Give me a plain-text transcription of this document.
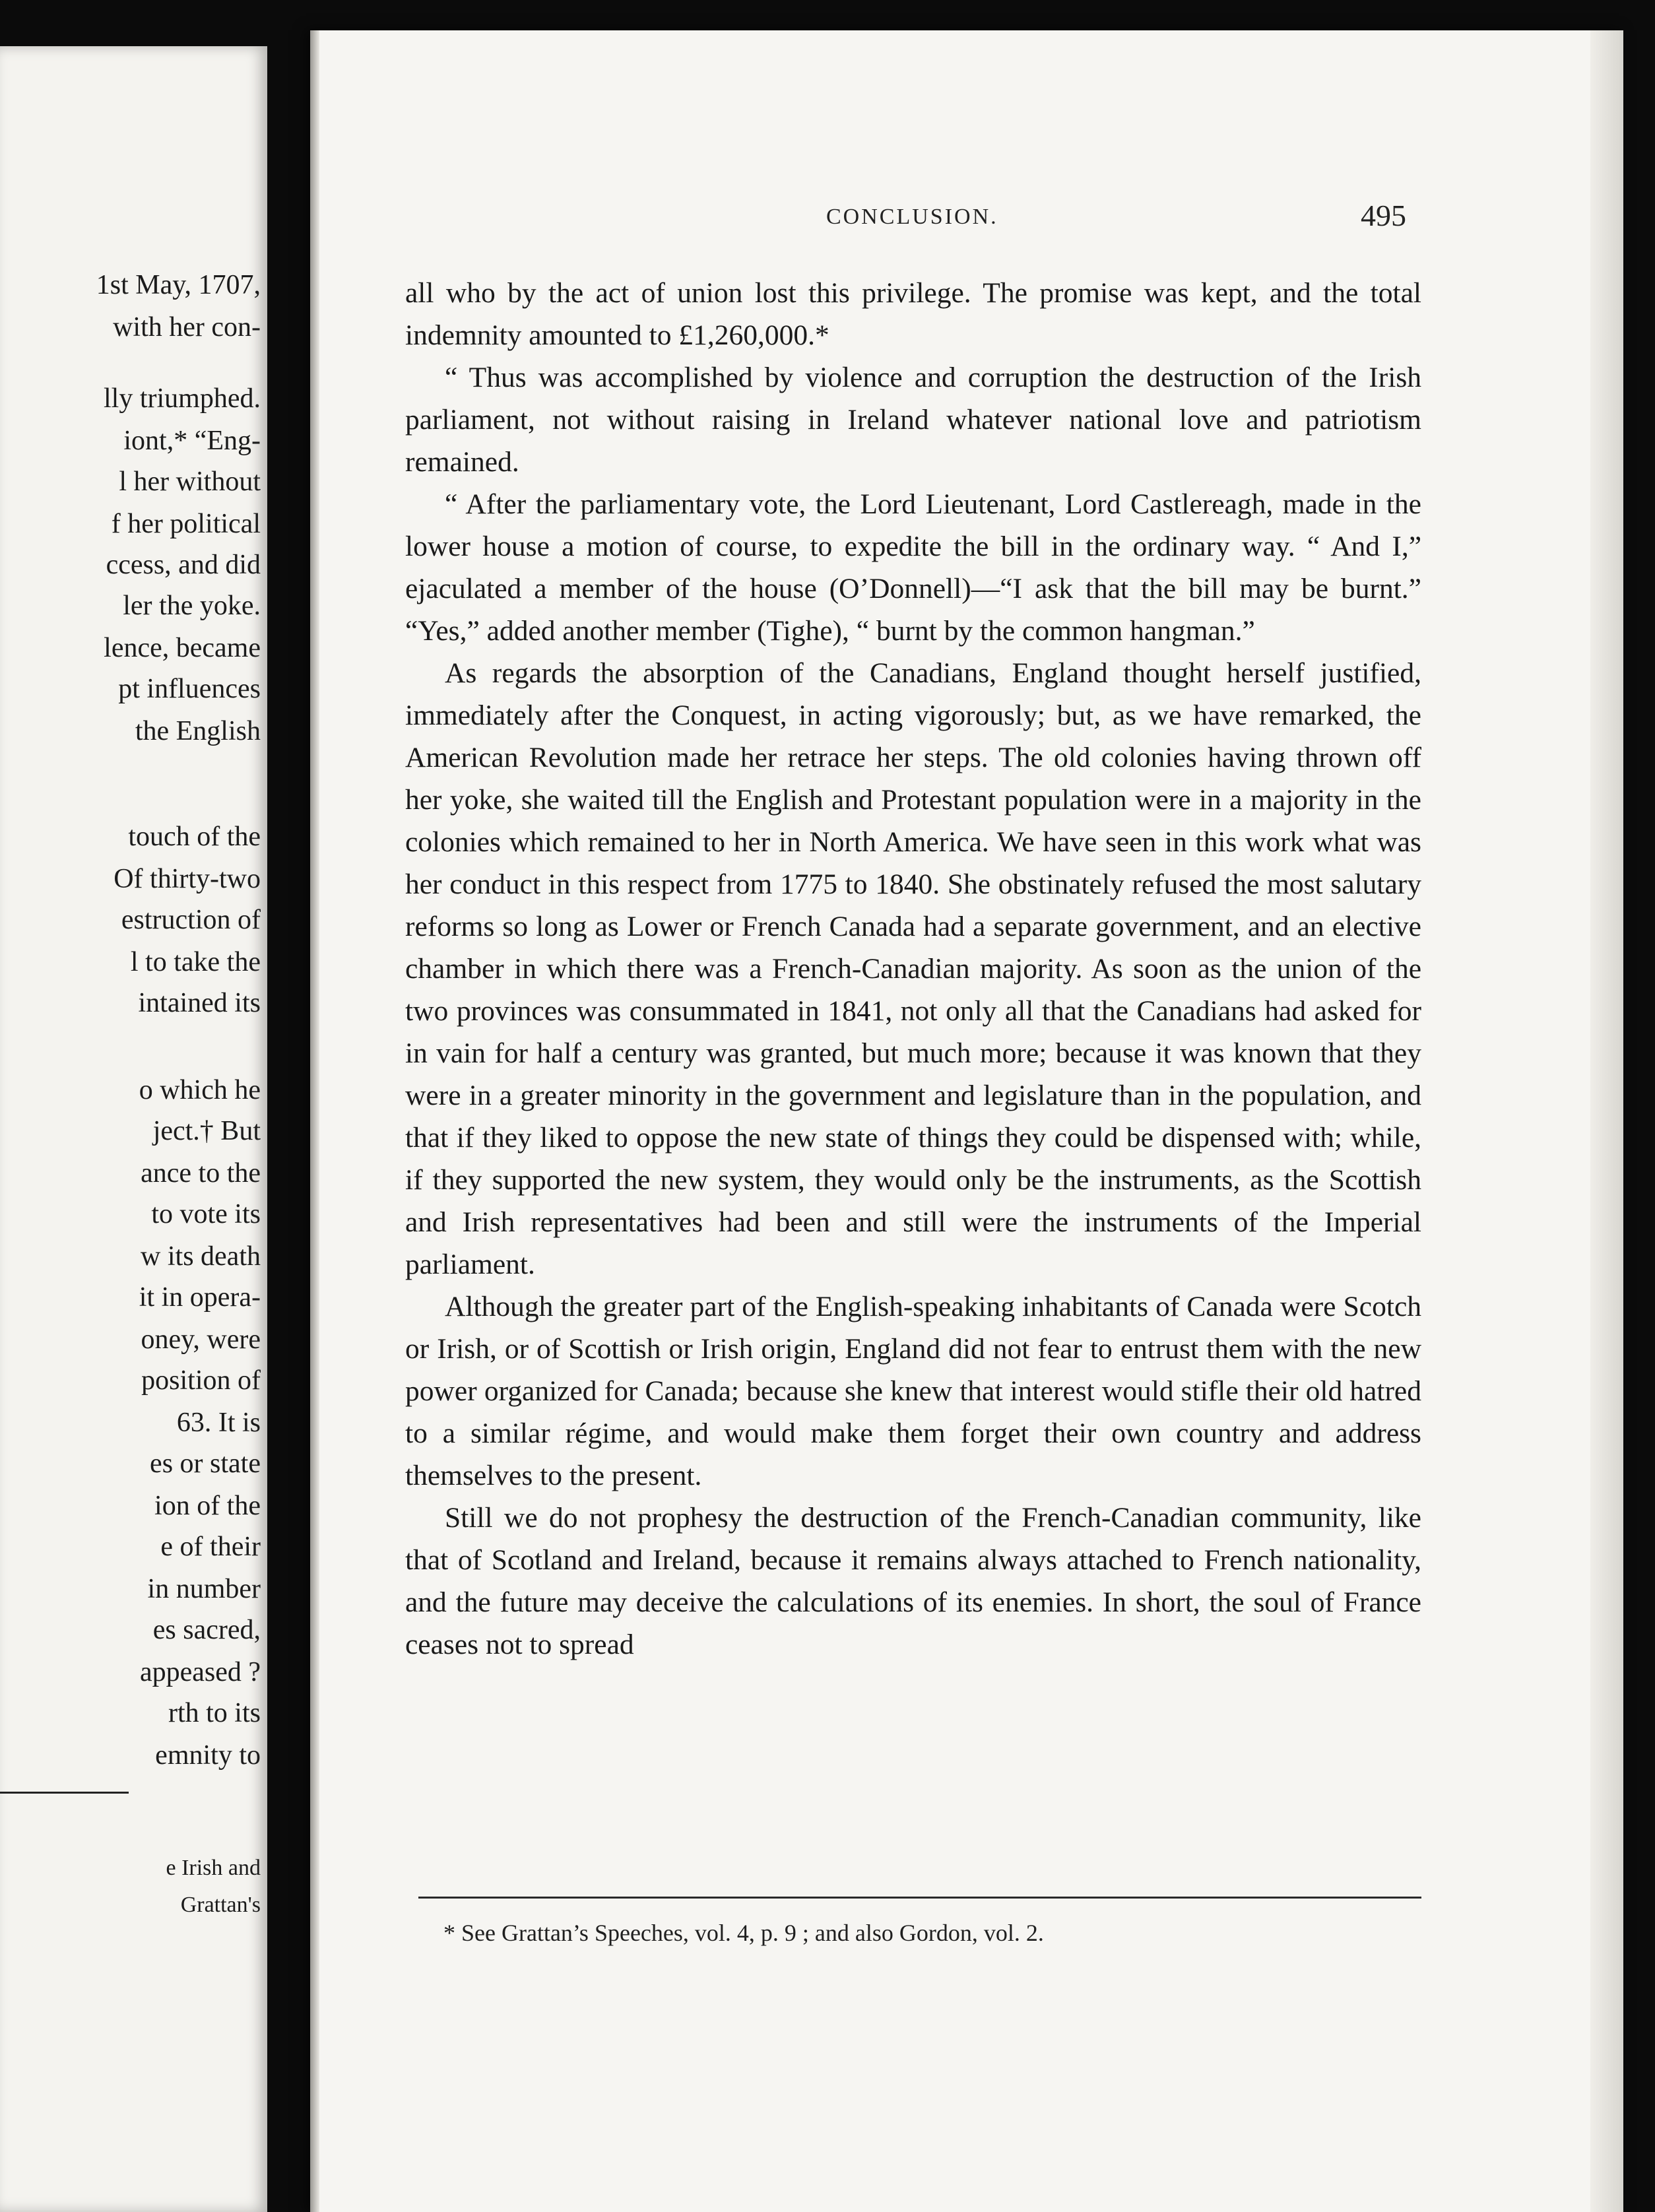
1st May, 1707,
with her con-
lly triumphed.
iont,* “Eng-
l her without
f her political
ccess, and did
ler the yoke.
lence, became
pt influences
the English
touch of the
Of thirty-two
estruction of
l to take the
intained its
o which he
ject.† But
ance to the
to vote its
w its death
it in opera-
oney, were
position of
63. It is
es or state
ion of the
e of their
in number
es sacred,
appeased ?
rth to its
emnity to
e Irish and
Grattan's
CONCLUSION.	495

all who by the act of union lost this privilege. The promise was kept, and the total indemnity amounted to £1,260,000.*

“ Thus was accomplished by violence and corruption the destruction of the Irish parliament, not without raising in Ireland whatever national love and patriotism remained.

“ After the parliamentary vote, the Lord Lieutenant, Lord Castlereagh, made in the lower house a motion of course, to expedite the bill in the ordinary way. “ And I,” ejaculated a member of the house (O’Donnell)—“I ask that the bill may be burnt.” “Yes,” added another member (Tighe), “ burnt by the common hangman.”

As regards the absorption of the Canadians, England thought herself justified, immediately after the Conquest, in acting vigorously; but, as we have remarked, the American Revolution made her retrace her steps. The old colonies having thrown off her yoke, she waited till the English and Protestant population were in a majority in the colonies which remained to her in North America. We have seen in this work what was her conduct in this respect from 1775 to 1840. She obstinately refused the most salutary reforms so long as Lower or French Canada had a separate government, and an elective chamber in which there was a French-Canadian majority. As soon as the union of the two provinces was consummated in 1841, not only all that the Canadians had asked for in vain for half a century was granted, but much more; because it was known that they were in a greater minority in the government and legislature than in the population, and that if they liked to oppose the new state of things they could be dispensed with; while, if they supported the new system, they would only be the instruments, as the Scottish and Irish representatives had been and still were the instruments of the Imperial parliament.

Although the greater part of the English-speaking inhabitants of Canada were Scotch or Irish, or of Scottish or Irish origin, England did not fear to entrust them with the new power organized for Canada; because she knew that interest would stifle their old hatred to a similar régime, and would make them forget their own country and address themselves to the present.

Still we do not prophesy the destruction of the French-Canadian community, like that of Scotland and Ireland, because it remains always attached to French nationality, and the future may deceive the calculations of its enemies. In short, the soul of France ceases not to spread

* See Grattan’s Speeches, vol. 4, p. 9 ; and also Gordon, vol. 2.
